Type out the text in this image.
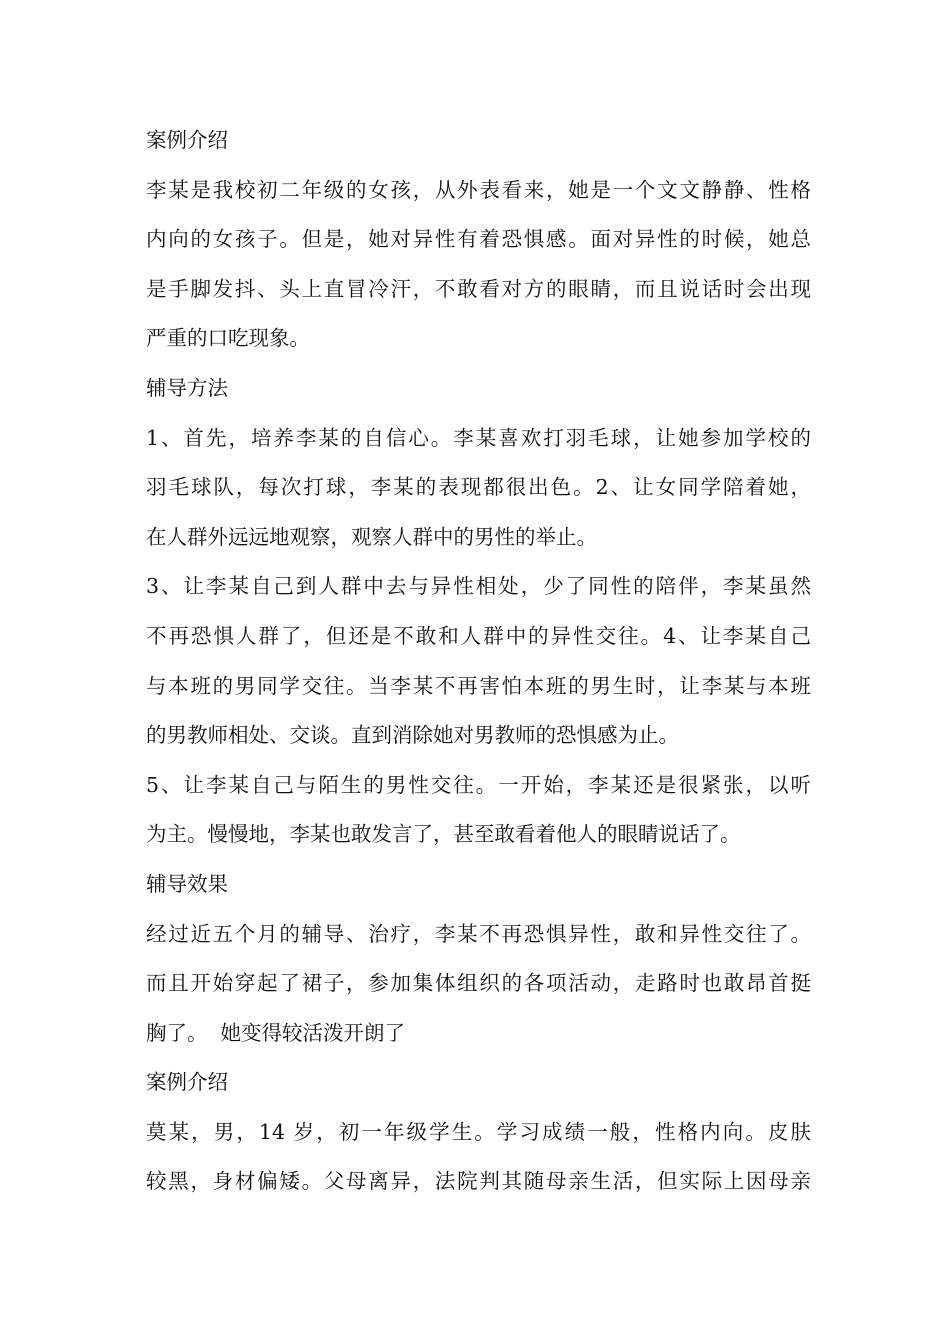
案例介绍
李某是我校初二年级的女孩，从外表看来，她是一个文文静静、性格
内向的女孩子。但是，她对异性有着恐惧感。面对异性的时候，她总
是手脚发抖、头上直冒冷汗，不敢看对方的眼睛，而且说话时会出现
严重的口吃现象。
辅导方法
1、首先，培养李某的自信心。李某喜欢打羽毛球，让她参加学校的
羽毛球队，每次打球，李某的表现都很出色。2、让女同学陪着她，
在人群外远远地观察，观察人群中的男性的举止。
3、让李某自己到人群中去与异性相处，少了同性的陪伴，李某虽然
不再恐惧人群了，但还是不敢和人群中的异性交往。4、让李某自己
与本班的男同学交往。当李某不再害怕本班的男生时，让李某与本班
的男教师相处、交谈。直到消除她对男教师的恐惧感为止。
5、让李某自己与陌生的男性交往。一开始，李某还是很紧张，以听
为主。慢慢地，李某也敢发言了，甚至敢看着他人的眼睛说话了。
辅导效果
经过近五个月的辅导、治疗，李某不再恐惧异性，敢和异性交往了。
而且开始穿起了裙子，参加集体组织的各项活动，走路时也敢昂首挺
胸了。  她变得较活泼开朗了
案例介绍
莫某，男，14 岁，初一年级学生。学习成绩一般，性格内向。皮肤
较黑，身材偏矮。父母离异，法院判其随母亲生活，但实际上因母亲
